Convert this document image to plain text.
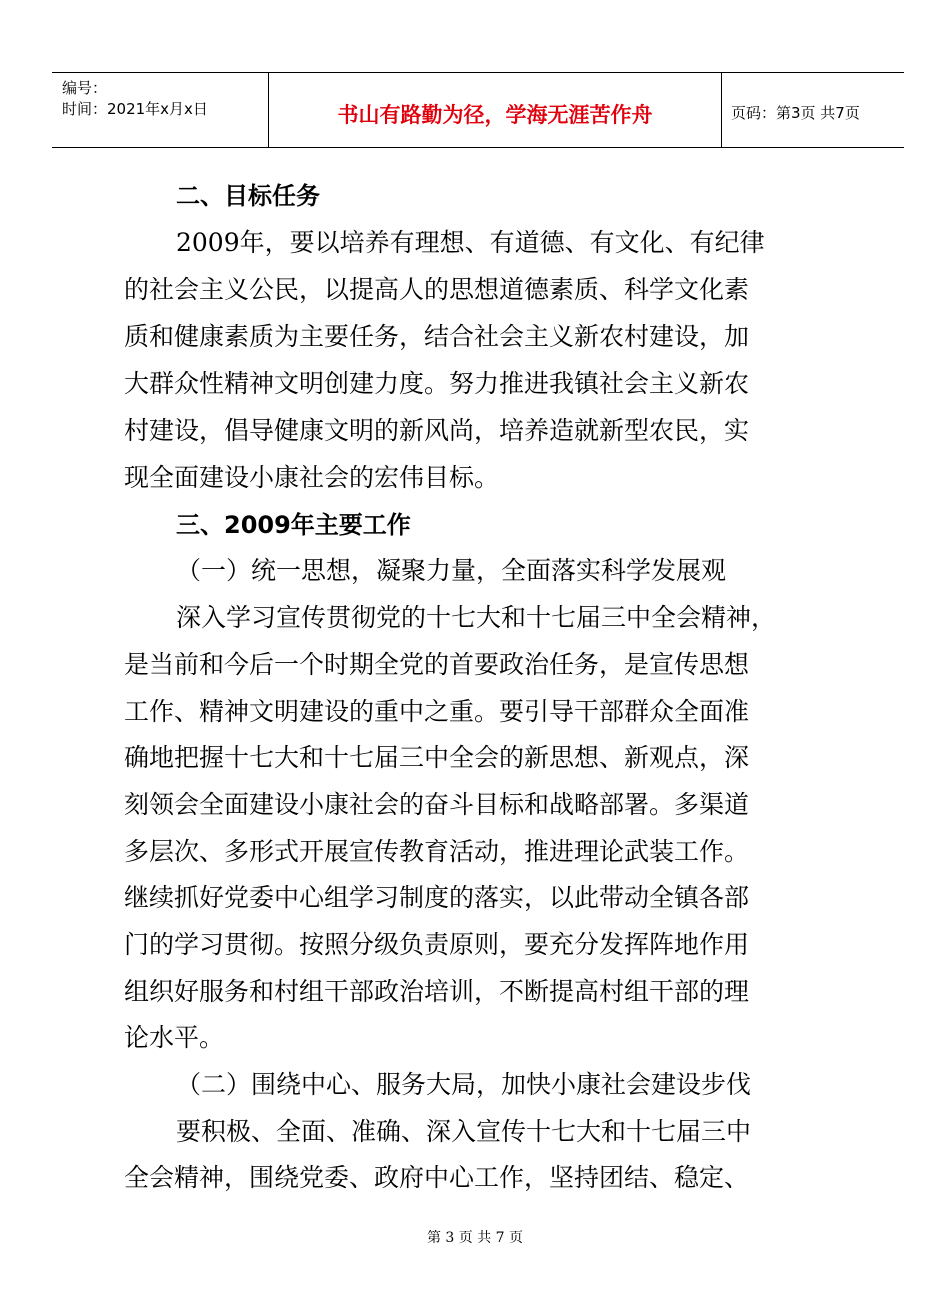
编号：
时间：2021年x月x日	书山有路勤为径，学海无涯苦作舟	页码：第3页 共7页
二、目标任务
2009年，要以培养有理想、有道德、有文化、有纪律
的社会主义公民，以提高人的思想道德素质、科学文化素
质和健康素质为主要任务，结合社会主义新农村建设，加
大群众性精神文明创建力度。努力推进我镇社会主义新农
村建设，倡导健康文明的新风尚，培养造就新型农民，实
现全面建设小康社会的宏伟目标。
三、2009年主要工作
（一）统一思想，凝聚力量，全面落实科学发展观
深入学习宣传贯彻党的十七大和十七届三中全会精神，
是当前和今后一个时期全党的首要政治任务，是宣传思想
工作、精神文明建设的重中之重。要引导干部群众全面准
确地把握十七大和十七届三中全会的新思想、新观点，深
刻领会全面建设小康社会的奋斗目标和战略部署。多渠道
多层次、多形式开展宣传教育活动，推进理论武装工作。
继续抓好党委中心组学习制度的落实，以此带动全镇各部
门的学习贯彻。按照分级负责原则，要充分发挥阵地作用
组织好服务和村组干部政治培训，不断提高村组干部的理
论水平。
（二）围绕中心、服务大局，加快小康社会建设步伐
要积极、全面、准确、深入宣传十七大和十七届三中
全会精神，围绕党委、政府中心工作，坚持团结、稳定、
第 3 页 共 7 页
